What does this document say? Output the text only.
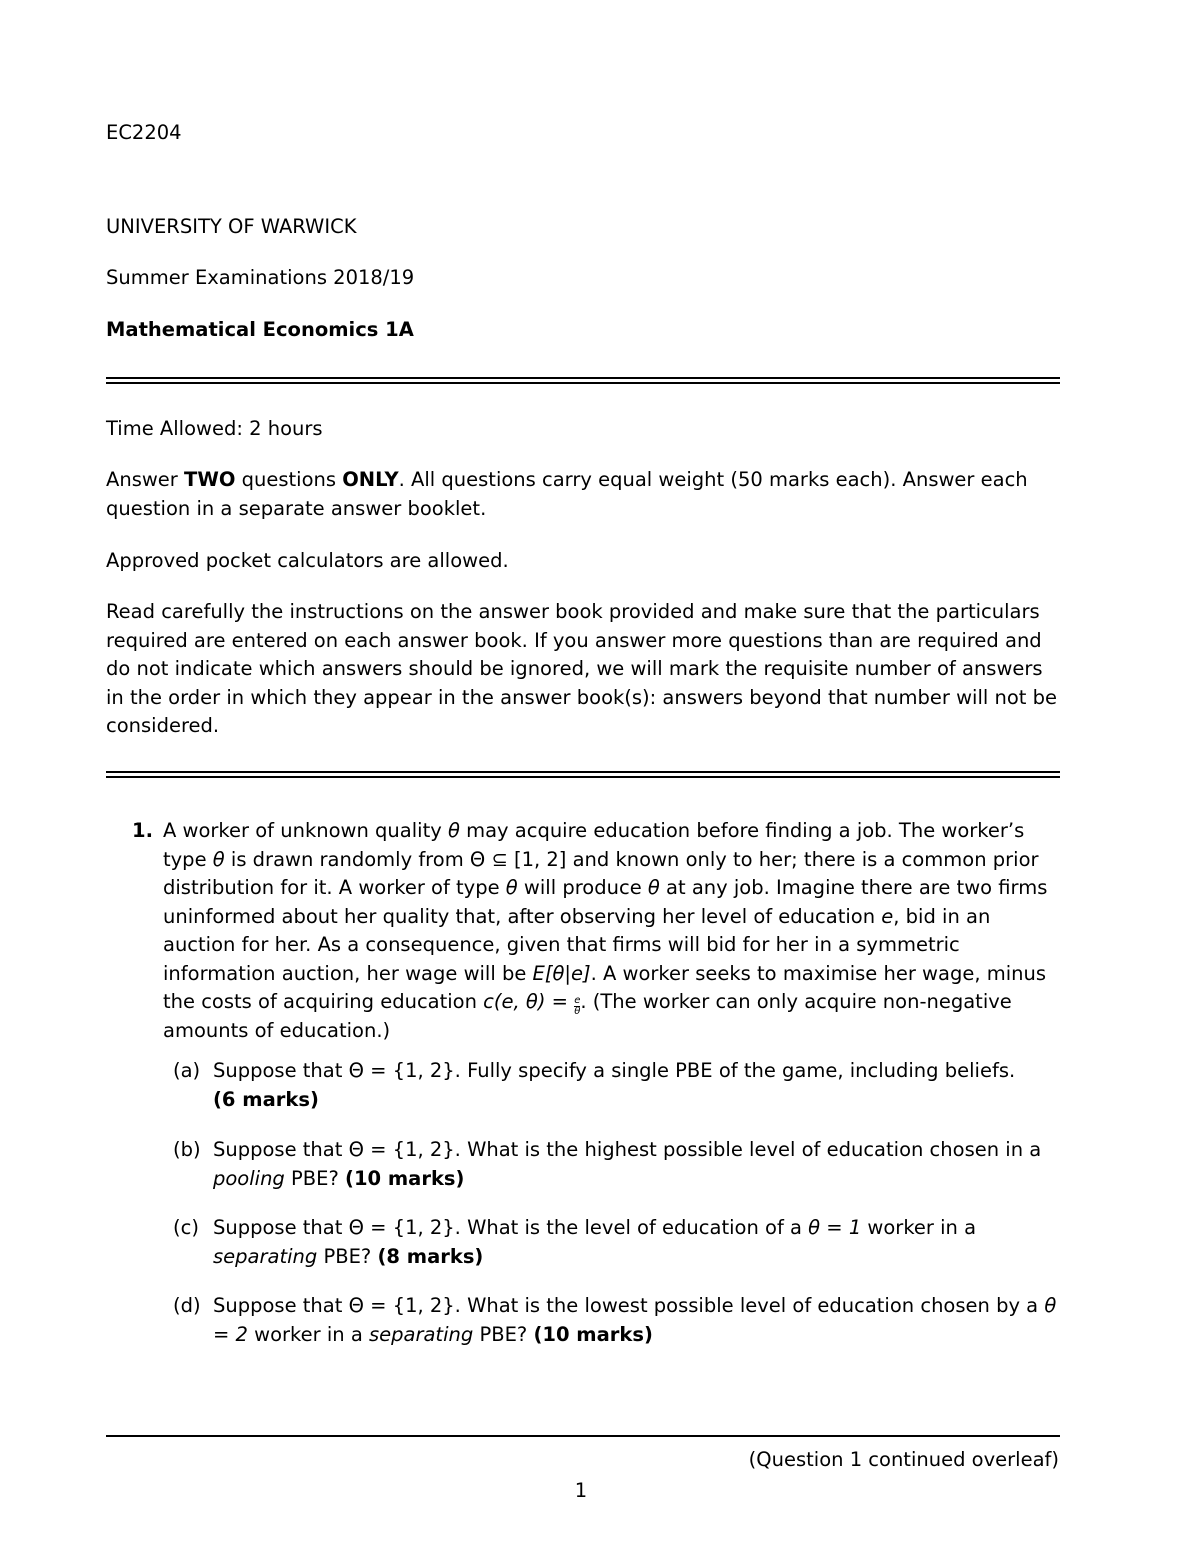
EC2204
UNIVERSITY OF WARWICK
Summer Examinations 2018/19
Mathematical Economics 1A
Time Allowed: 2 hours
Answer TWO questions ONLY. All questions carry equal weight (50 marks each). Answer each question in a separate answer booklet.
Approved pocket calculators are allowed.
Read carefully the instructions on the answer book provided and make sure that the particulars required are entered on each answer book. If you answer more questions than are required and do not indicate which answers should be ignored, we will mark the requisite number of answers in the order in which they appear in the answer book(s): answers beyond that number will not be considered.
1. A worker of unknown quality θ may acquire education before finding a job. The worker’s type θ is drawn randomly from Θ ⊆ [1, 2] and known only to her; there is a common prior distribution for it. A worker of type θ will produce θ at any job. Imagine there are two firms uninformed about her quality that, after observing her level of education e, bid in an auction for her. As a consequence, given that firms will bid for her in a symmetric information auction, her wage will be E[θ|e]. A worker seeks to maximise her wage, minus the costs of acquiring education c(e, $\theta) = \frac{e}{\theta}$ . (The worker can only acquire non-negative amounts of education.)
(a) Suppose that Θ = {1, 2}. Fully specify a single PBE of the game, including beliefs.
(6 marks)
(b) Suppose that Θ = {1, 2}. What is the highest possible level of education chosen in a pooling PBE? (10 marks)
(c) Suppose that Θ = {1, 2}. What is the level of education of a θ = 1 worker in a separating PBE? (8 marks)
(d) Suppose that Θ = {1, 2}. What is the lowest possible level of education chosen by a θ = 2 worker in a separating PBE? (10 marks)
(Question 1 continued overleaf)
1
